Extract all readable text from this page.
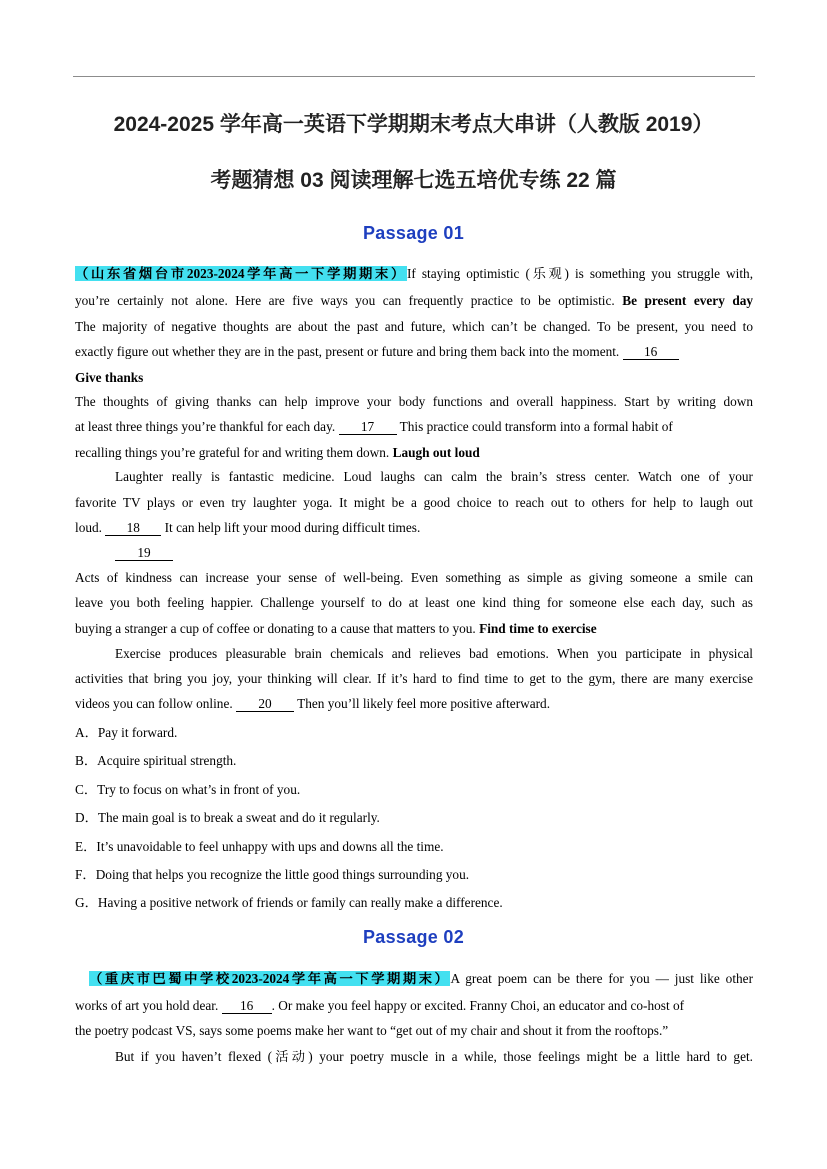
2024-2025 学年高一英语下学期期末考点大串讲（人教版 2019）
考题猜想 03 阅读理解七选五培优专练 22 篇
Passage 01
（山东省烟台市2023-2024学年高一下学期期末）If staying optimistic (乐观) is something you struggle with,
you’re certainly not alone. Here are five ways you can frequently practice to be optimistic. Be present every day
The majority of negative thoughts are about the past and future, which can’t be changed. To be present, you need to
exactly figure out whether they are in the past, present or future and bring them back into the moment. 16
Give thanks
The thoughts of giving thanks can help improve your body functions and overall happiness. Start by writing down
at least three things you’re thankful for each day. 17 This practice could transform into a formal habit of
recalling things you’re grateful for and writing them down. Laugh out loud
Laughter really is fantastic medicine. Loud laughs can calm the brain’s stress center. Watch one of your
favorite TV plays or even try laughter yoga. It might be a good choice to reach out to others for help to laugh out
loud. 18 It can help lift your mood during difficult times.
19
Acts of kindness can increase your sense of well-being. Even something as simple as giving someone a smile can
leave you both feeling happier. Challenge yourself to do at least one kind thing for someone else each day, such as
buying a stranger a cup of coffee or donating to a cause that matters to you. Find time to exercise
Exercise produces pleasurable brain chemicals and relieves bad emotions. When you participate in physical
activities that bring you joy, your thinking will clear. If it’s hard to find time to get to the gym, there are many exercise
videos you can follow online. 20 Then you’ll likely feel more positive afterward.
A．Pay it forward.
B．Acquire spiritual strength.
C．Try to focus on what’s in front of you.
D．The main goal is to break a sweat and do it regularly.
E．It’s unavoidable to feel unhappy with ups and downs all the time.
F．Doing that helps you recognize the little good things surrounding you.
G．Having a positive network of friends or family can really make a difference.
Passage 02
（重庆市巴蜀中学校2023-2024学年高一下学期期末）A great poem can be there for you — just like other
works of art you hold dear. 16 . Or make you feel happy or excited. Franny Choi, an educator and co-host of
the poetry podcast VS, says some poems make her want to “get out of my chair and shout it from the rooftops.”
But if you haven’t flexed (活动) your poetry muscle in a while, those feelings might be a little hard to get.
